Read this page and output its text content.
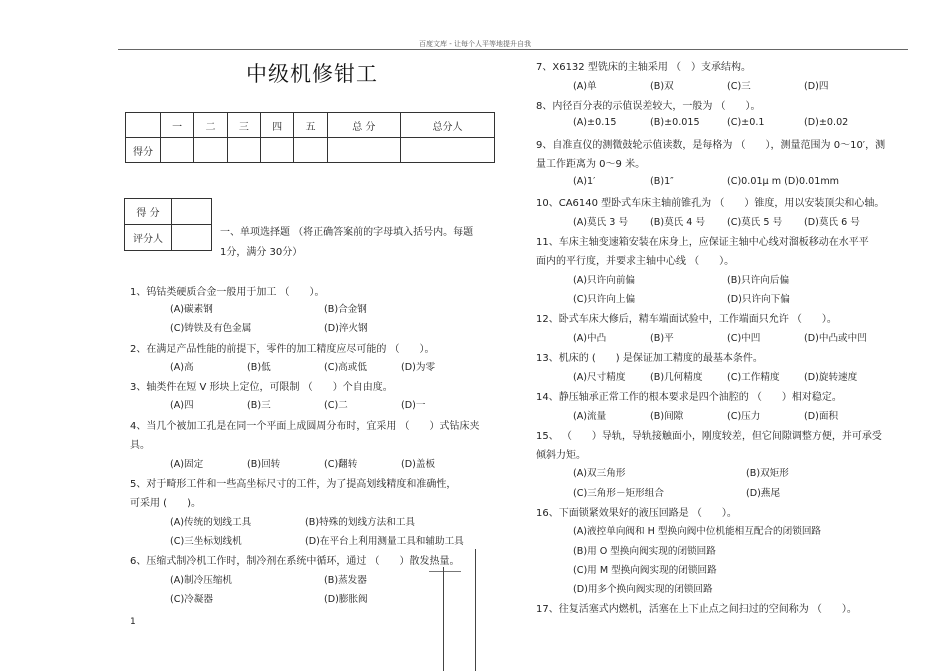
百度文库 - 让每个人平等地提升自我
中级机修钳工
	一	二	三	四	五	总 分	总分人
得分							
得 分	
评分人	
一、单项选择题 （将正确答案前的字母填入括号内。每题
1分，满分 30分）
1、钨钴类硬质合金一般用于加工 （　　）。
(A)碳素钢	(B)合金钢
(C)铸铁及有色金属	(D)淬火钢
2、在满足产品性能的前提下，零件的加工精度应尽可能的 （　　）。
(A)高	(B)低	(C)高或低	(D)为零
3、轴类件在短 V 形块上定位，可限制 （　　）个自由度。
(A)四	(B)三	(C)二	(D)一
4、当几个被加工孔是在同一个平面上成圆周分布时，宜采用 （　　）式钻床夹
具。
(A)固定	(B)回转	(C)翻转	(D)盖板
5、对于畸形工件和一些高坐标尺寸的工件，为了提高划线精度和准确性，
可采用 (　　)。
(A)传统的划线工具	(B)特殊的划线方法和工具
(C)三坐标划线机	(D)在平台上利用测量工具和辅助工具
6、压缩式制冷机工作时，制冷剂在系统中循环，通过 （　　）散发热量。
(A)制冷压缩机	(B)蒸发器
(C)冷凝器	(D)膨胀阀
1
7、X6132 型铣床的主轴采用 （　）支承结构。
(A)单	(B)双	(C)三	(D)四
8、内径百分表的示值误差较大，一般为 （　　）。
(A)±0.15	(B)±0.015	(C)±0.1	(D)±0.02
9、自准直仪的测微鼓轮示值读数，是每格为 （　　），测量范围为 0～10′，测
量工作距离为 0～9 米。
(A)1′	(B)1″	(C)0.01μ m (D)0.01mm
10、CA6140 型卧式车床主轴前锥孔为 （　　）锥度，用以安装顶尖和心轴。
(A)莫氏 3 号 (B)莫氏 4 号 (C)莫氏 5 号 (D)莫氏 6 号
11、车床主轴变速箱安装在床身上，应保证主轴中心线对溜板移动在水平平
面内的平行度，并要求主轴中心线 （　　）。
(A)只许向前偏	(B)只许向后偏
(C)只许向上偏	(D)只许向下偏
12、卧式车床大修后，精车端面试验中，工作端面只允许 （　　）。
(A)中凸	(B)平	(C)中凹	(D)中凸或中凹
13、机床的 (　　) 是保证加工精度的最基本条件。
(A)尺寸精度	(B)几何精度	(C)工作精度	(D)旋转速度
14、静压轴承正常工作的根本要求是四个油腔的 （　　）相对稳定。
(A)流量	(B)间隙	(C)压力	(D)面积
15、 （　　）导轨，导轨接触面小，刚度较差，但它间隙调整方便，并可承受
倾斜力矩。
(A)双三角形	(B)双矩形
(C)三角形－矩形组合	(D)燕尾
16、下面锁紧效果好的液压回路是 （　　）。
(A)液控单向阀和 H 型换向阀中位机能相互配合的闭锁回路
(B)用 O 型换向阀实现的闭锁回路
(C)用 M 型换向阀实现的闭锁回路
(D)用多个换向阀实现的闭锁回路
17、往复活塞式内燃机，活塞在上下止点之间扫过的空间称为 （　　）。
